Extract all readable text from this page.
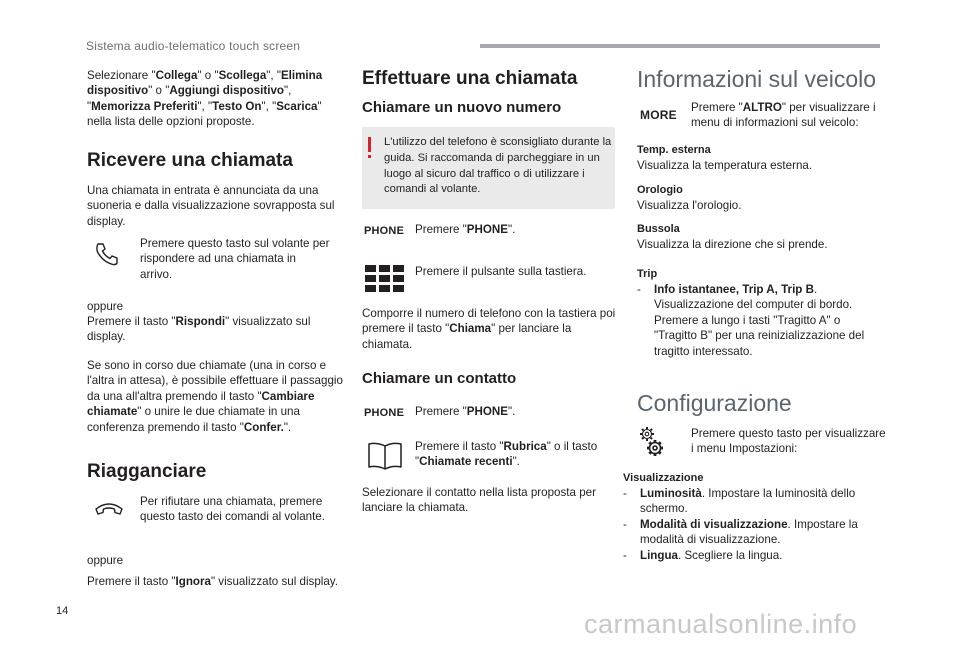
Sistema audio-telematico touch screen
Selezionare "Collega" o "Scollega", "Elimina dispositivo" o "Aggiungi dispositivo", "Memorizza Preferiti", "Testo On", "Scarica" nella lista delle opzioni proposte.
Ricevere una chiamata
Una chiamata in entrata è annunciata da una suoneria e dalla visualizzazione sovrapposta sul display.
Premere questo tasto sul volante per rispondere ad una chiamata in arrivo.
oppure
Premere il tasto "Rispondi" visualizzato sul display.
Se sono in corso due chiamate (una in corso e l'altra in attesa), è possibile effettuare il passaggio da una all'altra premendo il tasto "Cambiare chiamate" o unire le due chiamate in una conferenza premendo il tasto "Confer.".
Riagganciare
Per rifiutare una chiamata, premere questo tasto dei comandi al volante.
oppure
Premere il tasto "Ignora" visualizzato sul display.
Effettuare una chiamata
Chiamare un nuovo numero
L'utilizzo del telefono è sconsigliato durante la guida. Si raccomanda di parcheggiare in un luogo al sicuro dal traffico o di utilizzare i comandi al volante.
PHONE Premere "PHONE".
Premere il pulsante sulla tastiera.
Comporre il numero di telefono con la tastiera poi premere il tasto "Chiama" per lanciare la chiamata.
Chiamare un contatto
PHONE Premere "PHONE".
Premere il tasto "Rubrica" o il tasto "Chiamate recenti".
Selezionare il contatto nella lista proposta per lanciare la chiamata.
Informazioni sul veicolo
MORE
Premere "ALTRO" per visualizzare i menu di informazioni sul veicolo:
Temp. esterna
Visualizza la temperatura esterna.
Orologio
Visualizza l'orologio.
Bussola
Visualizza la direzione che si prende.
Trip
- Info istantanee, Trip A, Trip B. Visualizzazione del computer di bordo. Premere a lungo i tasti "Tragitto A" o "Tragitto B" per una reinizializzazione del tragitto interessato.
Configurazione
Premere questo tasto per visualizzare i menu Impostazioni:
Visualizzazione
- Luminosità. Impostare la luminosità dello schermo.
- Modalità di visualizzazione. Impostare la modalità di visualizzazione.
- Lingua. Scegliere la lingua.
14	carmanualsonline.info
